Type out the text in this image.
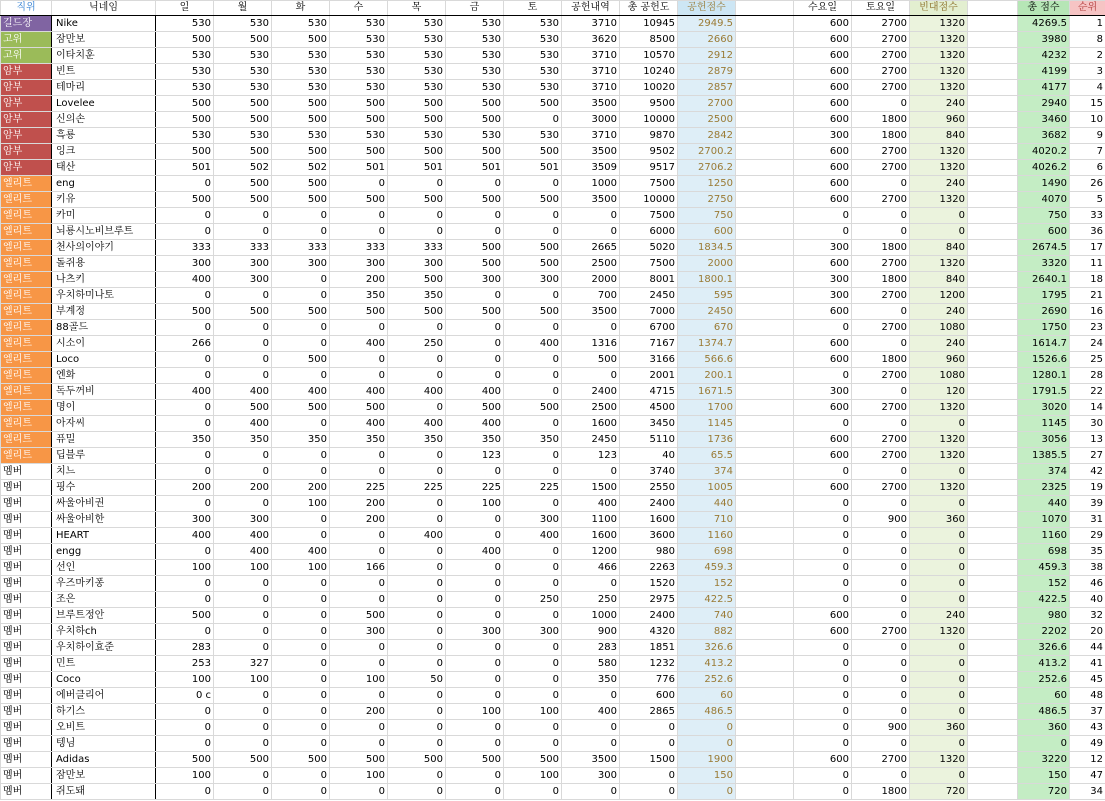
직위	닉네임	일	월	화	수	목	금	토	공헌내역	총 공헌도	공헌점수		수요일	토요일	빈대점수		총 점수	순위
길드장	Nike	530	530	530	530	530	530	530	3710	10945	2949.5		600	2700	1320		4269.5	1
고위	잠만보	500	500	500	530	530	530	530	3620	8500	2660		600	2700	1320		3980	8
고위	이타치훈	530	530	530	530	530	530	530	3710	10570	2912		600	2700	1320		4232	2
암부	빈트	530	530	530	530	530	530	530	3710	10240	2879		600	2700	1320		4199	3
암부	테마리	530	530	530	530	530	530	530	3710	10020	2857		600	2700	1320		4177	4
암부	Lovelee	500	500	500	500	500	500	500	3500	9500	2700		600	0	240		2940	15
암부	신의손	500	500	500	500	500	500	0	3000	10000	2500		600	1800	960		3460	10
암부	흑룡	530	530	530	530	530	530	530	3710	9870	2842		300	1800	840		3682	9
암부	잉크	500	500	500	500	500	500	500	3500	9502	2700.2		600	2700	1320		4020.2	7
암부	태산	501	502	502	501	501	501	501	3509	9517	2706.2		600	2700	1320		4026.2	6
엘리트	eng	0	500	500	0	0	0	0	1000	7500	1250		600	0	240		1490	26
엘리트	키유	500	500	500	500	500	500	500	3500	10000	2750		600	2700	1320		4070	5
엘리트	카미	0	0	0	0	0	0	0	0	7500	750		0	0	0		750	33
엘리트	뇌룡시노비브루트	0	0	0	0	0	0	0	0	6000	600		0	0	0		600	36
엘리트	천사의이야기	333	333	333	333	333	500	500	2665	5020	1834.5		300	1800	840		2674.5	17
엘리트	돌쥐용	300	300	300	300	300	500	500	2500	7500	2000		600	2700	1320		3320	11
엘리트	나츠키	400	300	0	200	500	300	300	2000	8001	1800.1		300	1800	840		2640.1	18
엘리트	우치하미나토	0	0	0	350	350	0	0	700	2450	595		300	2700	1200		1795	21
엘리트	부계정	500	500	500	500	500	500	500	3500	7000	2450		600	0	240		2690	16
엘리트	88골드	0	0	0	0	0	0	0	0	6700	670		0	2700	1080		1750	23
엘리트	시소이	266	0	0	400	250	0	400	1316	7167	1374.7		600	0	240		1614.7	24
엘리트	Loco	0	0	500	0	0	0	0	500	3166	566.6		600	1800	960		1526.6	25
엘리트	엔화	0	0	0	0	0	0	0	0	2001	200.1		0	2700	1080		1280.1	28
엘리트	독두꺼비	400	400	400	400	400	400	0	2400	4715	1671.5		300	0	120		1791.5	22
엘리트	명이	0	500	500	500	0	500	500	2500	4500	1700		600	2700	1320		3020	14
엘리트	아자씨	0	400	0	400	400	400	0	1600	3450	1145		0	0	0		1145	30
엘리트	퓨밀	350	350	350	350	350	350	350	2450	5110	1736		600	2700	1320		3056	13
엘리트	딥블루	0	0	0	0	0	123	0	123	40	65.5		600	2700	1320		1385.5	27
멤버	치느	0	0	0	0	0	0	0	0	3740	374		0	0	0		374	42
멤버	핑수	200	200	200	225	225	225	225	1500	2550	1005		600	2700	1320		2325	19
멤버	싸울아비권	0	0	100	200	0	100	0	400	2400	440		0	0	0		440	39
멤버	싸울아비한	300	300	0	200	0	0	300	1100	1600	710		0	900	360		1070	31
멤버	HEART	400	400	0	0	400	0	400	1600	3600	1160		0	0	0		1160	29
멤버	engg	0	400	400	0	0	400	0	1200	980	698		0	0	0		698	35
멤버	선인	100	100	100	166	0	0	0	466	2263	459.3		0	0	0		459.3	38
멤버	우즈마키퐁	0	0	0	0	0	0	0	0	1520	152		0	0	0		152	46
멤버	조은	0	0	0	0	0	0	250	250	2975	422.5		0	0	0		422.5	40
멤버	브루트정안	500	0	0	500	0	0	0	1000	2400	740		600	0	240		980	32
멤버	우치하ch	0	0	0	300	0	300	300	900	4320	882		600	2700	1320		2202	20
멤버	우치하이효준	283	0	0	0	0	0	0	283	1851	326.6		0	0	0		326.6	44
멤버	민트	253	327	0	0	0	0	0	580	1232	413.2		0	0	0		413.2	41
멤버	Coco	100	100	0	100	50	0	0	350	776	252.6		0	0	0		252.6	45
멤버	에버클리어	0 c	0	0	0	0	0	0	0	600	60		0	0	0		60	48
멤버	하기스	0	0	0	200	0	100	100	400	2865	486.5		0	0	0		486.5	37
멤버	오비트	0	0	0	0	0	0	0	0	0	0		0	900	360		360	43
멤버	텡님	0	0	0	0	0	0	0	0	0	0		0	0	0		0	49
멤버	Adidas	500	500	500	500	500	500	500	3500	1500	1900		600	2700	1320		3220	12
멤버	잠만보	100	0	0	100	0	0	100	300	0	150		0	0	0		150	47
멤버	쥐도돼	0	0	0	0	0	0	0	0	0	0		0	1800	720		720	34
